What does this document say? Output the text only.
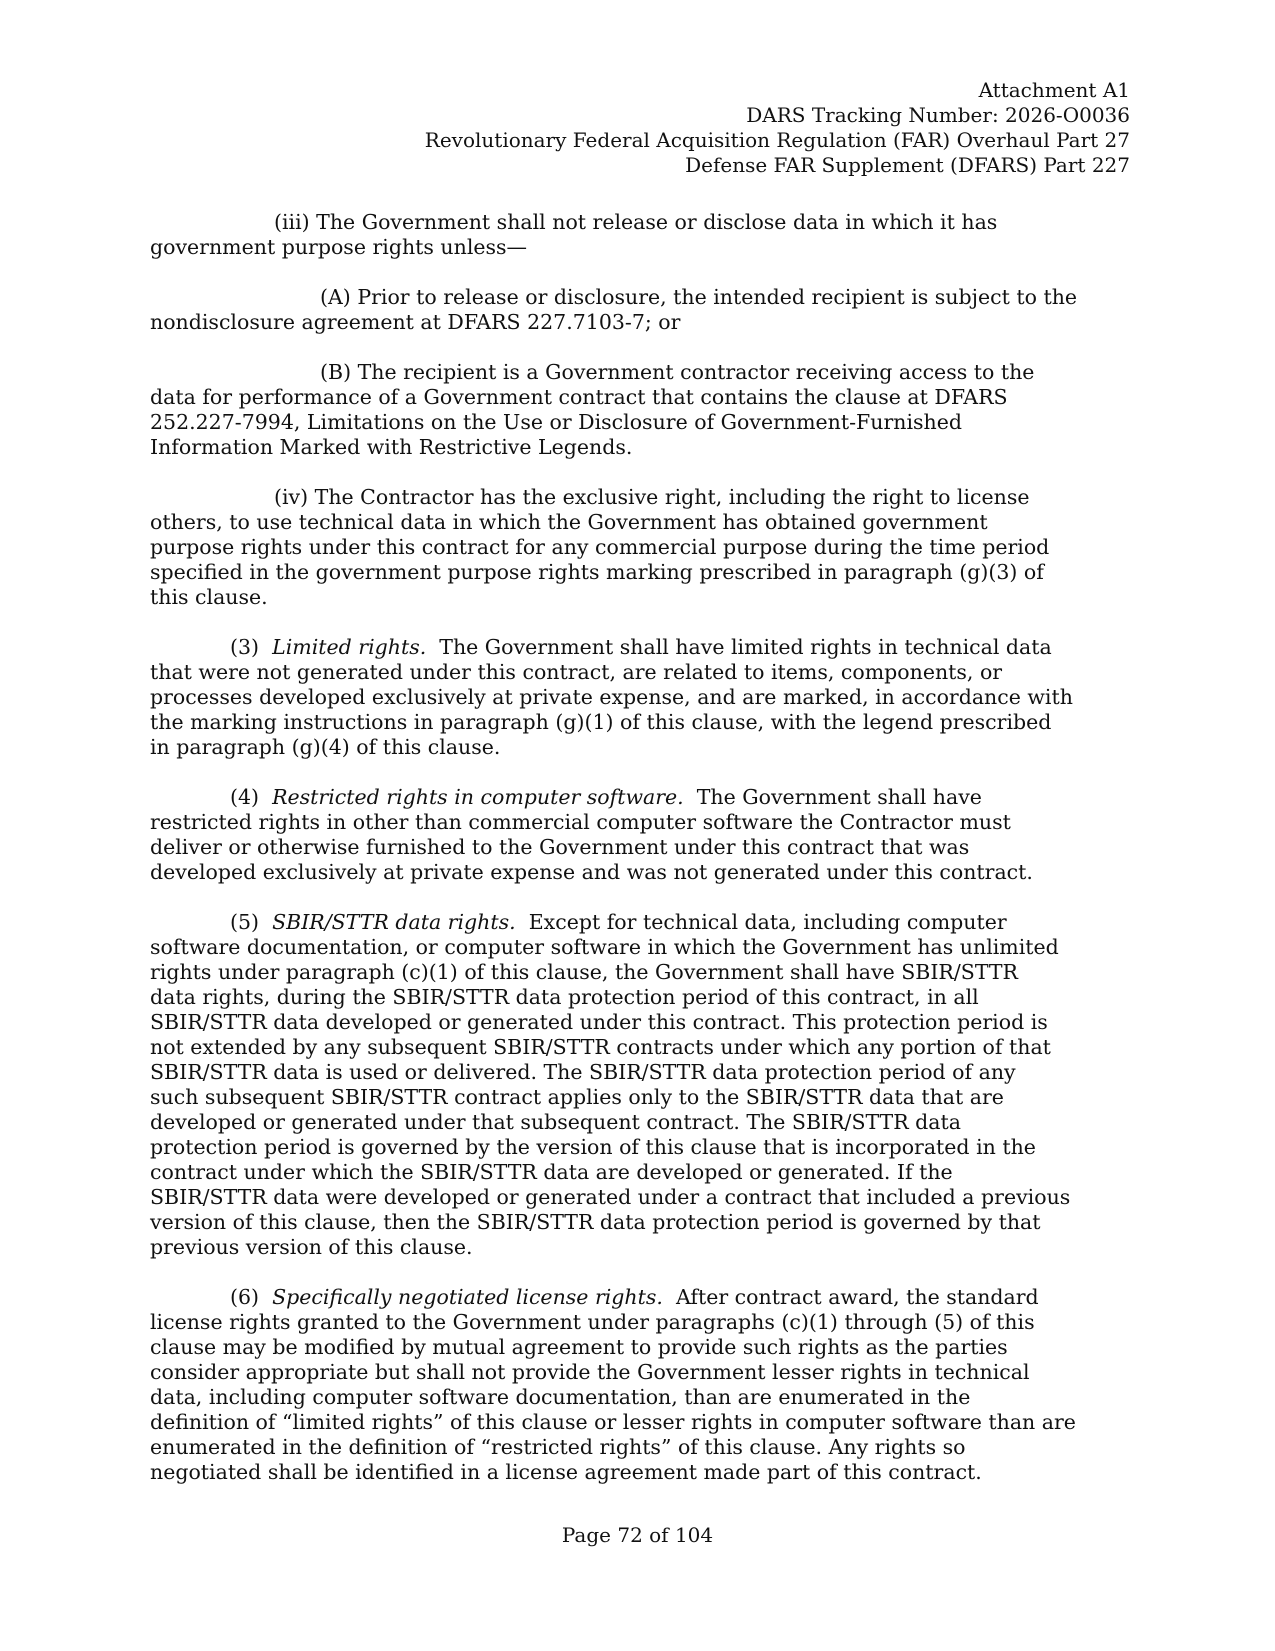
Attachment A1
DARS Tracking Number: 2026-O0036
Revolutionary Federal Acquisition Regulation (FAR) Overhaul Part 27
Defense FAR Supplement (DFARS) Part 227
(iii) The Government shall not release or disclose data in which it has
government purpose rights unless—
(A) Prior to release or disclosure, the intended recipient is subject to the
nondisclosure agreement at DFARS 227.7103-7; or
(B) The recipient is a Government contractor receiving access to the
data for performance of a Government contract that contains the clause at DFARS
252.227-7994, Limitations on the Use or Disclosure of Government-Furnished
Information Marked with Restrictive Legends.
(iv) The Contractor has the exclusive right, including the right to license
others, to use technical data in which the Government has obtained government
purpose rights under this contract for any commercial purpose during the time period
specified in the government purpose rights marking prescribed in paragraph (g)(3) of
this clause.
(3) Limited rights. The Government shall have limited rights in technical data
that were not generated under this contract, are related to items, components, or
processes developed exclusively at private expense, and are marked, in accordance with
the marking instructions in paragraph (g)(1) of this clause, with the legend prescribed
in paragraph (g)(4) of this clause.
(4) Restricted rights in computer software. The Government shall have
restricted rights in other than commercial computer software the Contractor must
deliver or otherwise furnished to the Government under this contract that was
developed exclusively at private expense and was not generated under this contract.
(5) SBIR/STTR data rights. Except for technical data, including computer
software documentation, or computer software in which the Government has unlimited
rights under paragraph (c)(1) of this clause, the Government shall have SBIR/STTR
data rights, during the SBIR/STTR data protection period of this contract, in all
SBIR/STTR data developed or generated under this contract. This protection period is
not extended by any subsequent SBIR/STTR contracts under which any portion of that
SBIR/STTR data is used or delivered. The SBIR/STTR data protection period of any
such subsequent SBIR/STTR contract applies only to the SBIR/STTR data that are
developed or generated under that subsequent contract. The SBIR/STTR data
protection period is governed by the version of this clause that is incorporated in the
contract under which the SBIR/STTR data are developed or generated. If the
SBIR/STTR data were developed or generated under a contract that included a previous
version of this clause, then the SBIR/STTR data protection period is governed by that
previous version of this clause.
(6) Specifically negotiated license rights. After contract award, the standard
license rights granted to the Government under paragraphs (c)(1) through (5) of this
clause may be modified by mutual agreement to provide such rights as the parties
consider appropriate but shall not provide the Government lesser rights in technical
data, including computer software documentation, than are enumerated in the
definition of “limited rights” of this clause or lesser rights in computer software than are
enumerated in the definition of “restricted rights” of this clause. Any rights so
negotiated shall be identified in a license agreement made part of this contract.
Page 72 of 104
